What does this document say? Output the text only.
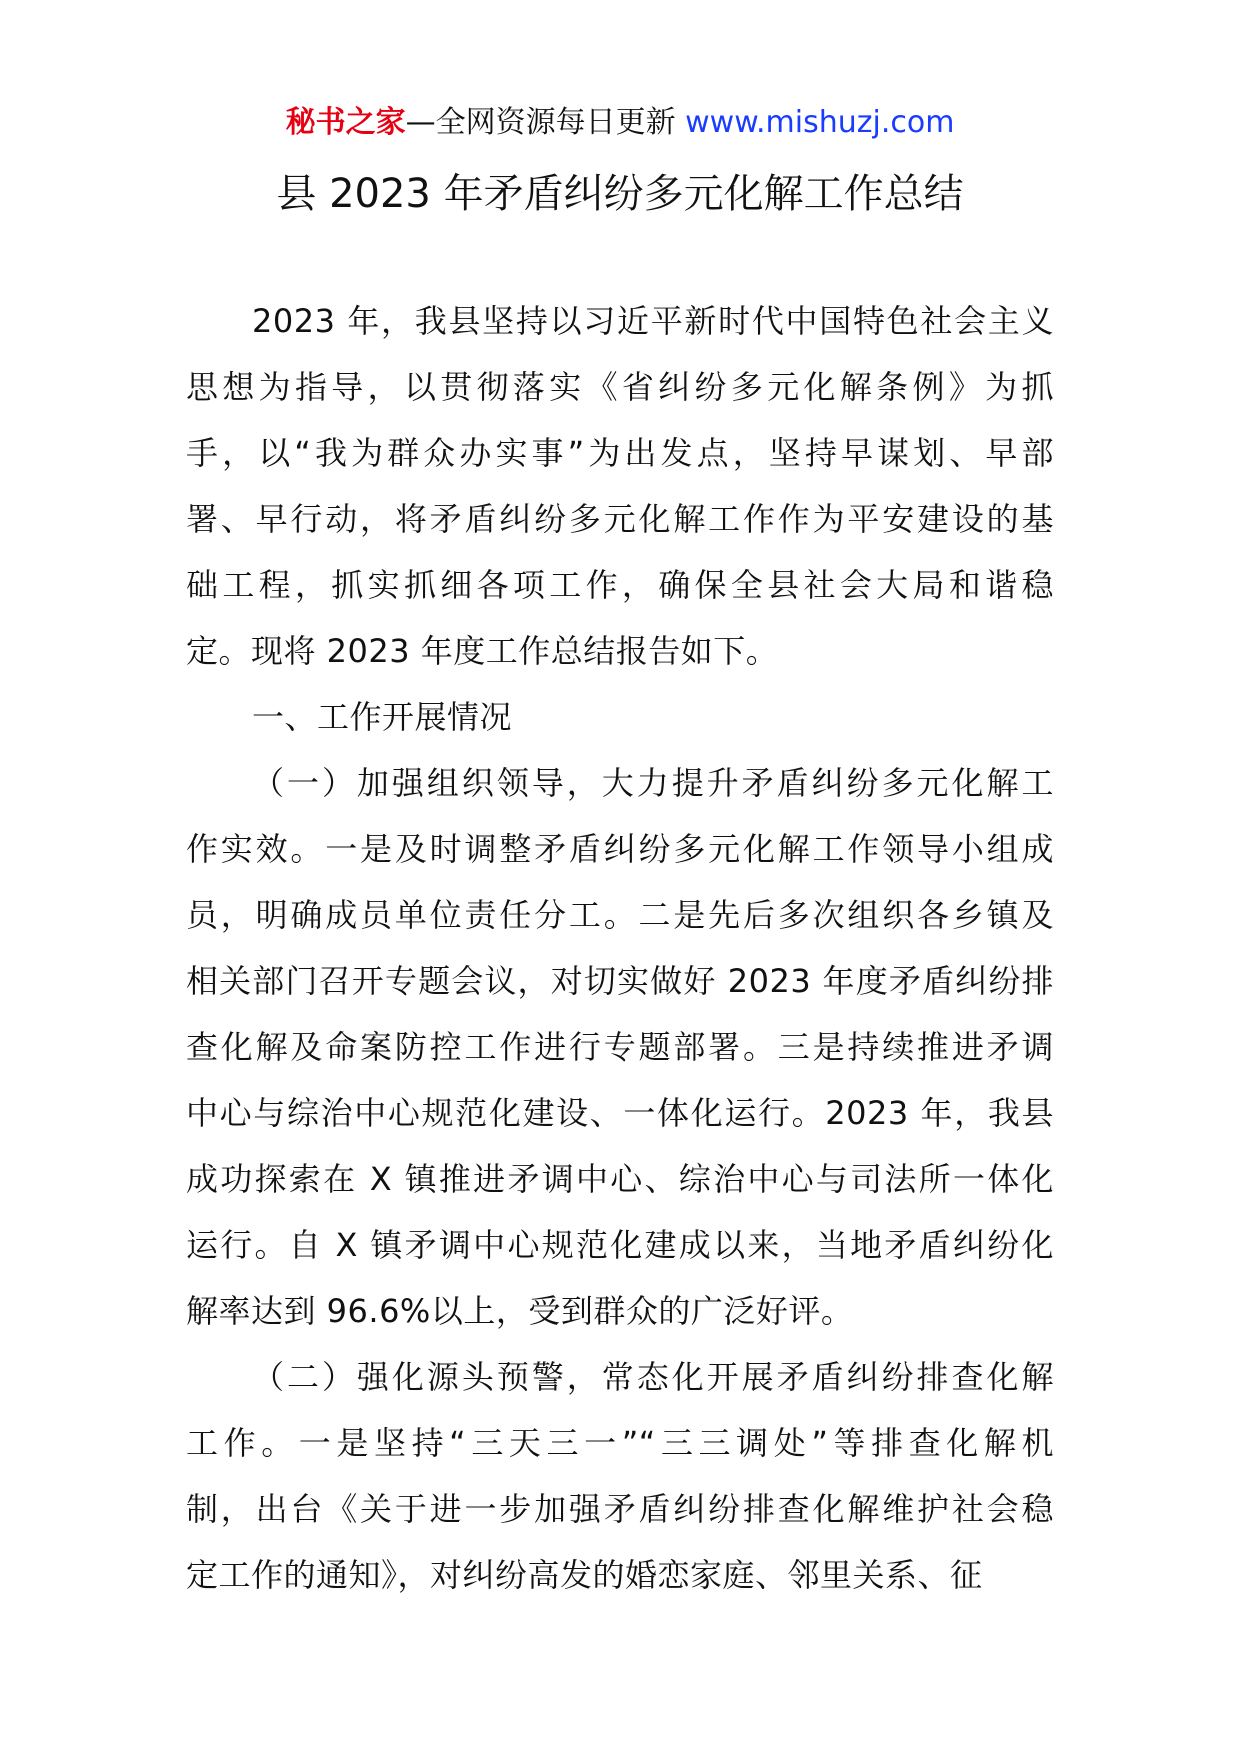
秘书之家—全网资源每日更新 www.mishuzj.com
县 2023 年矛盾纠纷多元化解工作总结
2023 年，我县坚持以习近平新时代中国特色社会主义
思想为指导，以贯彻落实《省纠纷多元化解条例》为抓
手，以“我为群众办实事”为出发点，坚持早谋划、早部
署、早行动，将矛盾纠纷多元化解工作作为平安建设的基
础工程，抓实抓细各项工作，确保全县社会大局和谐稳
定。现将 2023 年度工作总结报告如下。
一、工作开展情况
（一）加强组织领导，大力提升矛盾纠纷多元化解工
作实效。一是及时调整矛盾纠纷多元化解工作领导小组成
员，明确成员单位责任分工。二是先后多次组织各乡镇及
相关部门召开专题会议，对切实做好 2023 年度矛盾纠纷排
查化解及命案防控工作进行专题部署。三是持续推进矛调
中心与综治中心规范化建设、一体化运行。2023 年，我县
成功探索在 X 镇推进矛调中心、综治中心与司法所一体化
运行。自 X 镇矛调中心规范化建成以来，当地矛盾纠纷化
解率达到 96.6%以上，受到群众的广泛好评。
（二）强化源头预警，常态化开展矛盾纠纷排查化解
工作。一是坚持“三天三一”“三三调处”等排查化解机
制，出台《关于进一步加强矛盾纠纷排查化解维护社会稳
定工作的通知》，对纠纷高发的婚恋家庭、邻里关系、征
